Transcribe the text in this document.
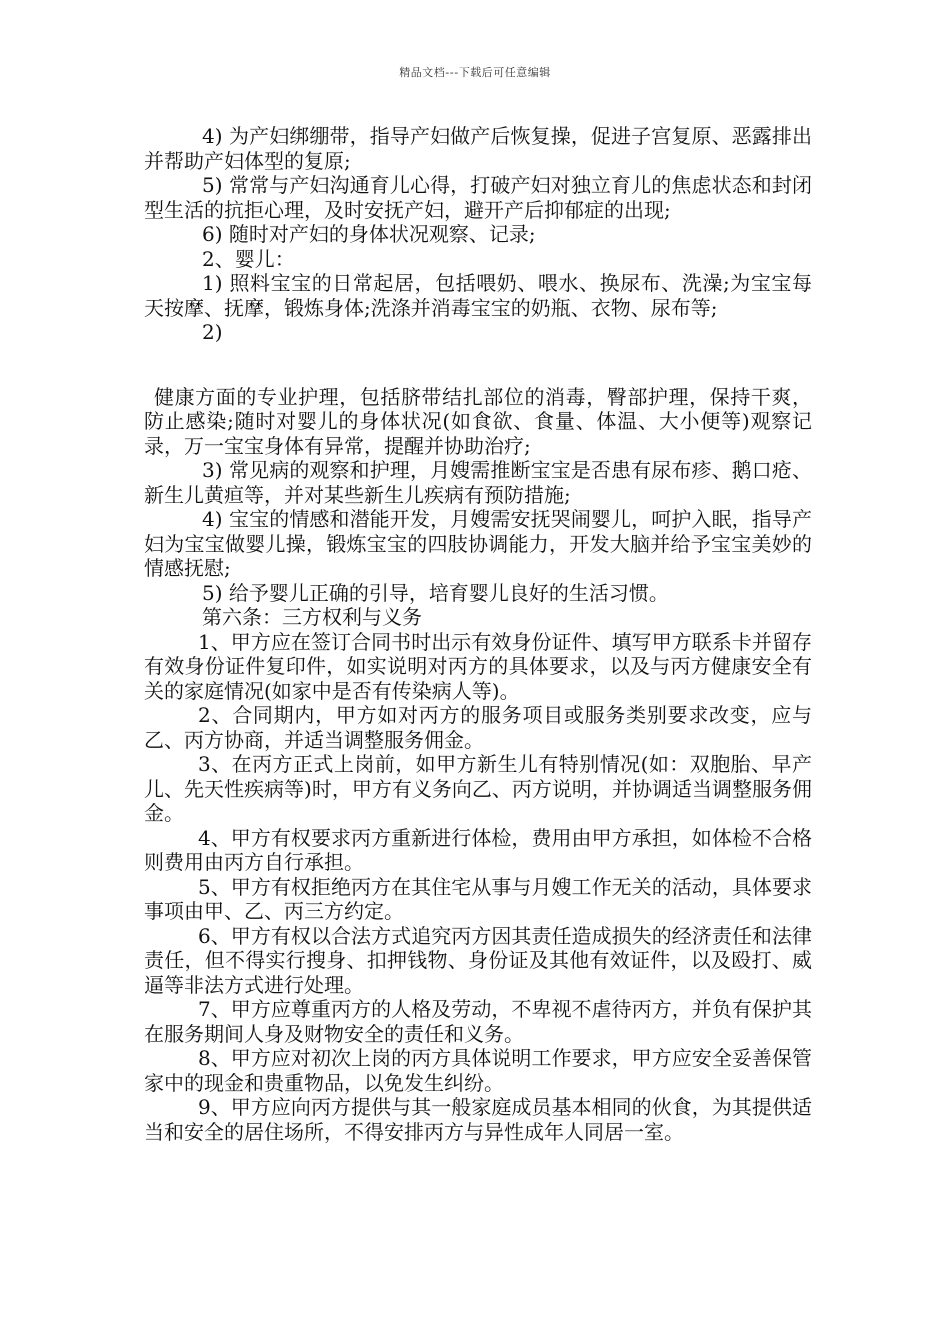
精品文档---下载后可任意编辑

4) 为产妇绑绷带，指导产妇做产后恢复操，促进子宫复原、恶露排出并帮助产妇体型的复原;

5) 常常与产妇沟通育儿心得，打破产妇对独立育儿的焦虑状态和封闭型生活的抗拒心理，及时安抚产妇，避开产后抑郁症的出现;

6) 随时对产妇的身体状况观察、记录;

2、婴儿：

1) 照料宝宝的日常起居，包括喂奶、喂水、换尿布、洗澡;为宝宝每天按摩、抚摩，锻炼身体;洗涤并消毒宝宝的奶瓶、衣物、尿布等;

2)

健康方面的专业护理，包括脐带结扎部位的消毒，臀部护理，保持干爽，防止感染;随时对婴儿的身体状况(如食欲、食量、体温、大小便等)观察记录，万一宝宝身体有异常，提醒并协助治疗;

3) 常见病的观察和护理，月嫂需推断宝宝是否患有尿布疹、鹅口疮、新生儿黄疸等，并对某些新生儿疾病有预防措施;

4) 宝宝的情感和潜能开发，月嫂需安抚哭闹婴儿，呵护入眠，指导产妇为宝宝做婴儿操，锻炼宝宝的四肢协调能力，开发大脑并给予宝宝美妙的情感抚慰;

5) 给予婴儿正确的引导，培育婴儿良好的生活习惯。

第六条：三方权利与义务

1、甲方应在签订合同书时出示有效身份证件、填写甲方联系卡并留存有效身份证件复印件，如实说明对丙方的具体要求，以及与丙方健康安全有关的家庭情况(如家中是否有传染病人等)。

2、合同期内，甲方如对丙方的服务项目或服务类别要求改变，应与乙、丙方协商，并适当调整服务佣金。

3、在丙方正式上岗前，如甲方新生儿有特别情况(如：双胞胎、早产儿、先天性疾病等)时，甲方有义务向乙、丙方说明，并协调适当调整服务佣金。

4、甲方有权要求丙方重新进行体检，费用由甲方承担，如体检不合格则费用由丙方自行承担。

5、甲方有权拒绝丙方在其住宅从事与月嫂工作无关的活动，具体要求事项由甲、乙、丙三方约定。

6、甲方有权以合法方式追究丙方因其责任造成损失的经济责任和法律责任，但不得实行搜身、扣押钱物、身份证及其他有效证件，以及殴打、威逼等非法方式进行处理。

7、甲方应尊重丙方的人格及劳动，不卑视不虐待丙方，并负有保护其在服务期间人身及财物安全的责任和义务。

8、甲方应对初次上岗的丙方具体说明工作要求，甲方应安全妥善保管家中的现金和贵重物品，以免发生纠纷。

9、甲方应向丙方提供与其一般家庭成员基本相同的伙食，为其提供适当和安全的居住场所，不得安排丙方与异性成年人同居一室。
